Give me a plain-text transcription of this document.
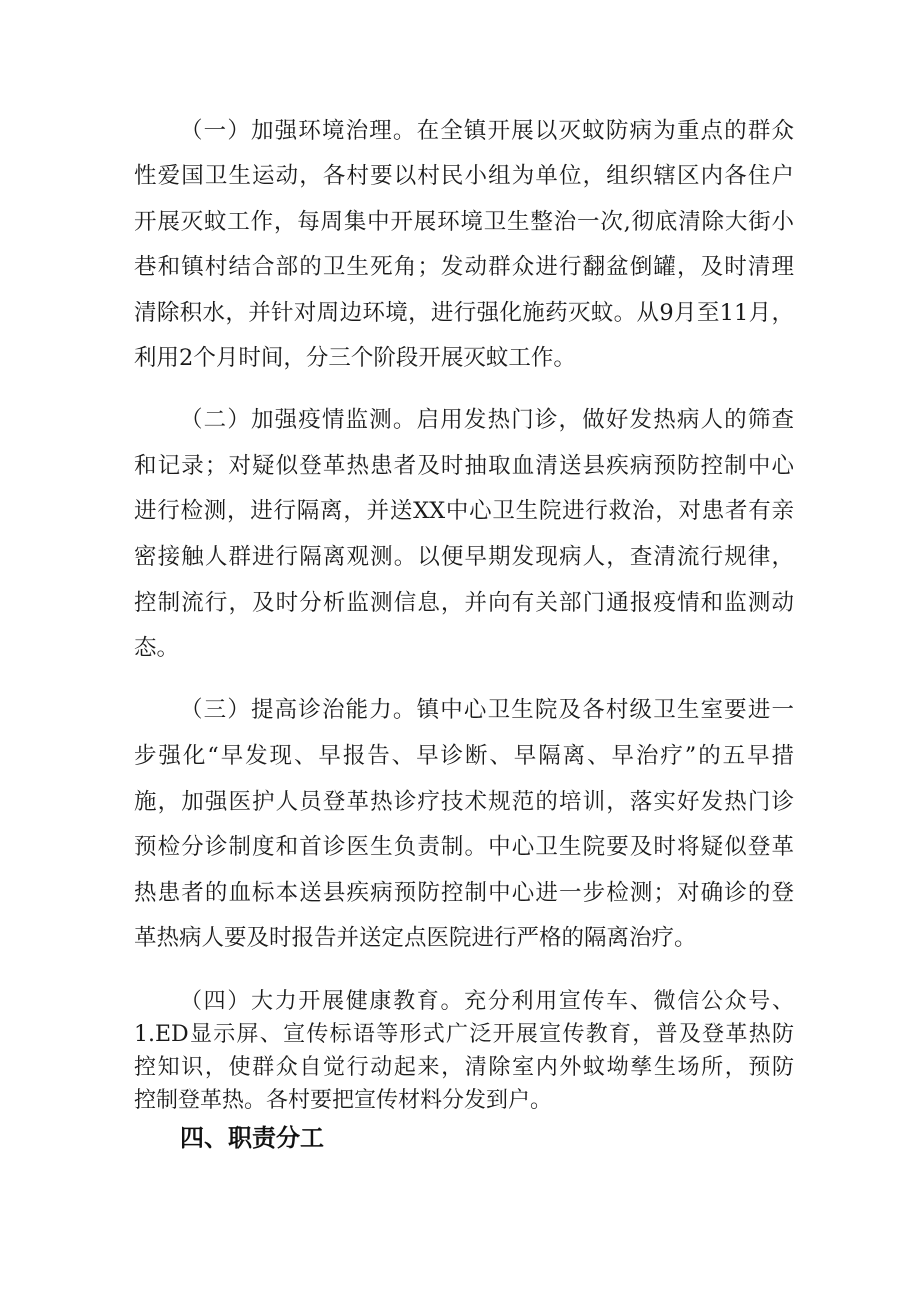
（一）加强环境治理。在全镇开展以灭蚊防病为重点的群众
性爱国卫生运动，各村要以村民小组为单位，组织辖区内各住户
开展灭蚊工作，每周集中开展环境卫生整治一次,彻底清除大街小
巷和镇村结合部的卫生死角；发动群众进行翻盆倒罐，及时清理
清除积水，并针对周边环境，进行强化施药灭蚊。从9月至11月，
利用2个月时间，分三个阶段开展灭蚊工作。
（二）加强疫情监测。启用发热门诊，做好发热病人的筛查
和记录；对疑似登革热患者及时抽取血清送县疾病预防控制中心
进行检测，进行隔离，并送XX中心卫生院进行救治，对患者有亲
密接触人群进行隔离观测。以便早期发现病人，查清流行规律，
控制流行，及时分析监测信息，并向有关部门通报疫情和监测动
态。
（三）提高诊治能力。镇中心卫生院及各村级卫生室要进一
步强化“早发现、早报告、早诊断、早隔离、早治疗”的五早措
施，加强医护人员登革热诊疗技术规范的培训，落实好发热门诊
预检分诊制度和首诊医生负责制。中心卫生院要及时将疑似登革
热患者的血标本送县疾病预防控制中心进一步检测；对确诊的登
革热病人要及时报告并送定点医院进行严格的隔离治疗。
（四）大力开展健康教育。充分利用宣传车、微信公众号、
1.ED显示屏、宣传标语等形式广泛开展宣传教育，普及登革热防
控知识，使群众自觉行动起来，清除室内外蚊坳孳生场所，预防
控制登革热。各村要把宣传材料分发到户。
四、职责分工
